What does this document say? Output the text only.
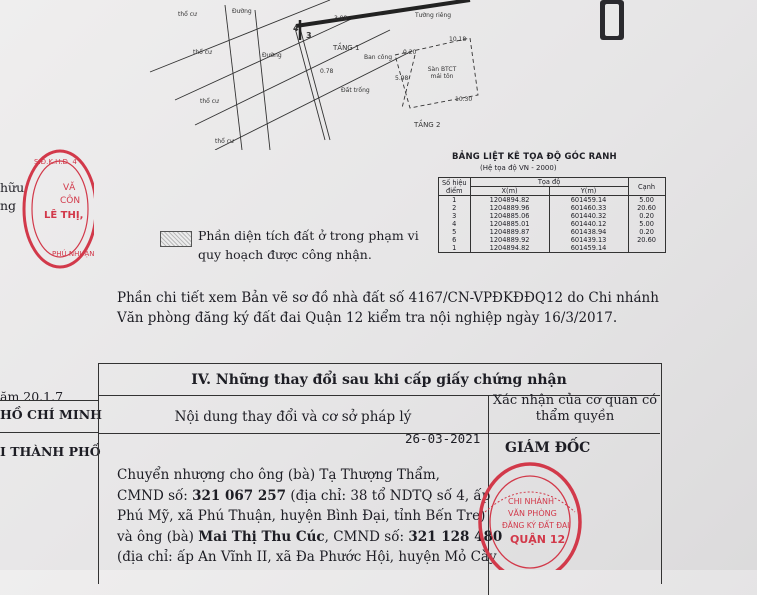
thổ cư
thổ cư
thổ cư
thổ cư
Đường
Đường
TẦNG 1
TẦNG 2
Ban công
Sàn BTCT mái tôn
Đất trống
Tường riêng
4
3
3.98
10.18
10.30
0.20
5.98
0.78
BẢNG LIỆT KÊ TỌA ĐỘ GÓC RANH
(Hệ tọa độ VN - 2000)
Số hiệu
điểm	Tọa độ		Cạnh
	X(m)	Y(m)	
1	1204894.82	601459.14	5.00
2	1204889.96	601460.33	20.60
3	1204885.06	601440.32	0.20
4	1204885.01	601440.12	5.00
5	1204889.87	601438.94	0.20
6	1204889.92	601439.13	20.60
1	1204894.82	601459.14	
VĂ
CÔN
LÊ THỊ,
S.Đ.K.H.Đ. 4
PHÚ NHUẬN
hữu
ng
ăm 20.1.7
HỒ CHÍ MINH
I THÀNH PHỐ
Phần diện tích đất ở trong phạm vi quy hoạch được công nhận.
Phần chi tiết xem Bản vẽ sơ đồ nhà đất số 4167/CN-VPĐKĐĐQ12 do Chi nhánh Văn phòng đăng ký đất đai Quận 12 kiểm tra nội nghiệp ngày 16/3/2017.
IV. Những thay đổi sau khi cấp giấy chứng nhận
Nội dung thay đổi và cơ sở pháp lý
Xác nhận của cơ quan có thẩm quyền
26-03-2021
GIÁM ĐỐC
Chuyển nhượng cho ông (bà) Tạ Thượng Thẩm,
CMND số: 321 067 257 (địa chỉ: 38 tổ NDTQ số 4, ấp
Phú Mỹ, xã Phú Thuận, huyện Bình Đại, tỉnh Bến Tre)
và ông (bà) Mai Thị Thu Cúc, CMND số: 321 128 480
(địa chỉ: ấp An Vĩnh II, xã Đa Phước Hội, huyện Mỏ Cày
CHI NHÁNH
VĂN PHÒNG
ĐĂNG KÝ ĐẤT ĐAI
QUẬN 12
